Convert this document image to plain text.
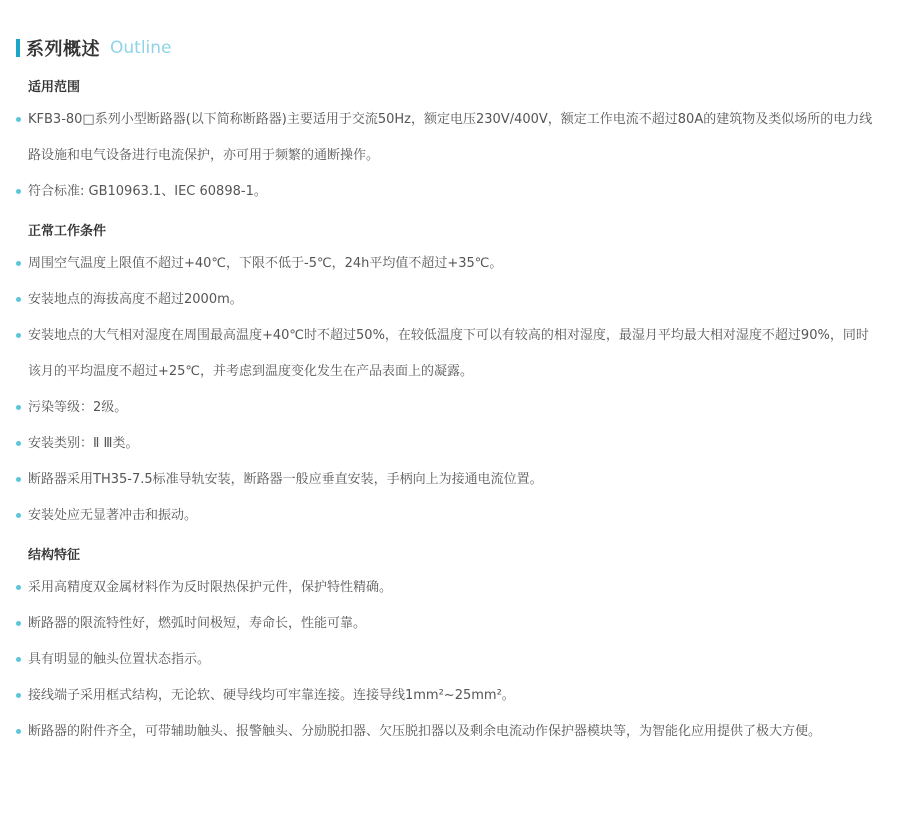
系列概述 Outline
适用范围
KFB3-80□系列小型断路器(以下简称断路器)主要适用于交流50Hz，额定电压230V/400V，额定工作电流不超过80A的建筑物及类似场所的电力线路设施和电气设备进行电流保护，亦可用于频繁的通断操作。
符合标准: GB10963.1、IEC 60898-1。
正常工作条件
周围空气温度上限值不超过+40℃，下限不低于-5℃，24h平均值不超过+35℃。
安装地点的海拔高度不超过2000m。
安装地点的大气相对湿度在周围最高温度+40℃时不超过50%，在较低温度下可以有较高的相对湿度，最湿月平均最大相对湿度不超过90%，同时该月的平均温度不超过+25℃，并考虑到温度变化发生在产品表面上的凝露。
污染等级：2级。
安装类别：Ⅱ Ⅲ类。
断路器采用TH35-7.5标准导轨安装，断路器一般应垂直安装，手柄向上为接通电流位置。
安装处应无显著冲击和振动。
结构特征
采用高精度双金属材料作为反时限热保护元件，保护特性精确。
断路器的限流特性好，燃弧时间极短，寿命长，性能可靠。
具有明显的触头位置状态指示。
接线端子采用框式结构，无论软、硬导线均可牢靠连接。连接导线1mm²~25mm²。
断路器的附件齐全，可带辅助触头、报警触头、分励脱扣器、欠压脱扣器以及剩余电流动作保护器模块等，为智能化应用提供了极大方便。
